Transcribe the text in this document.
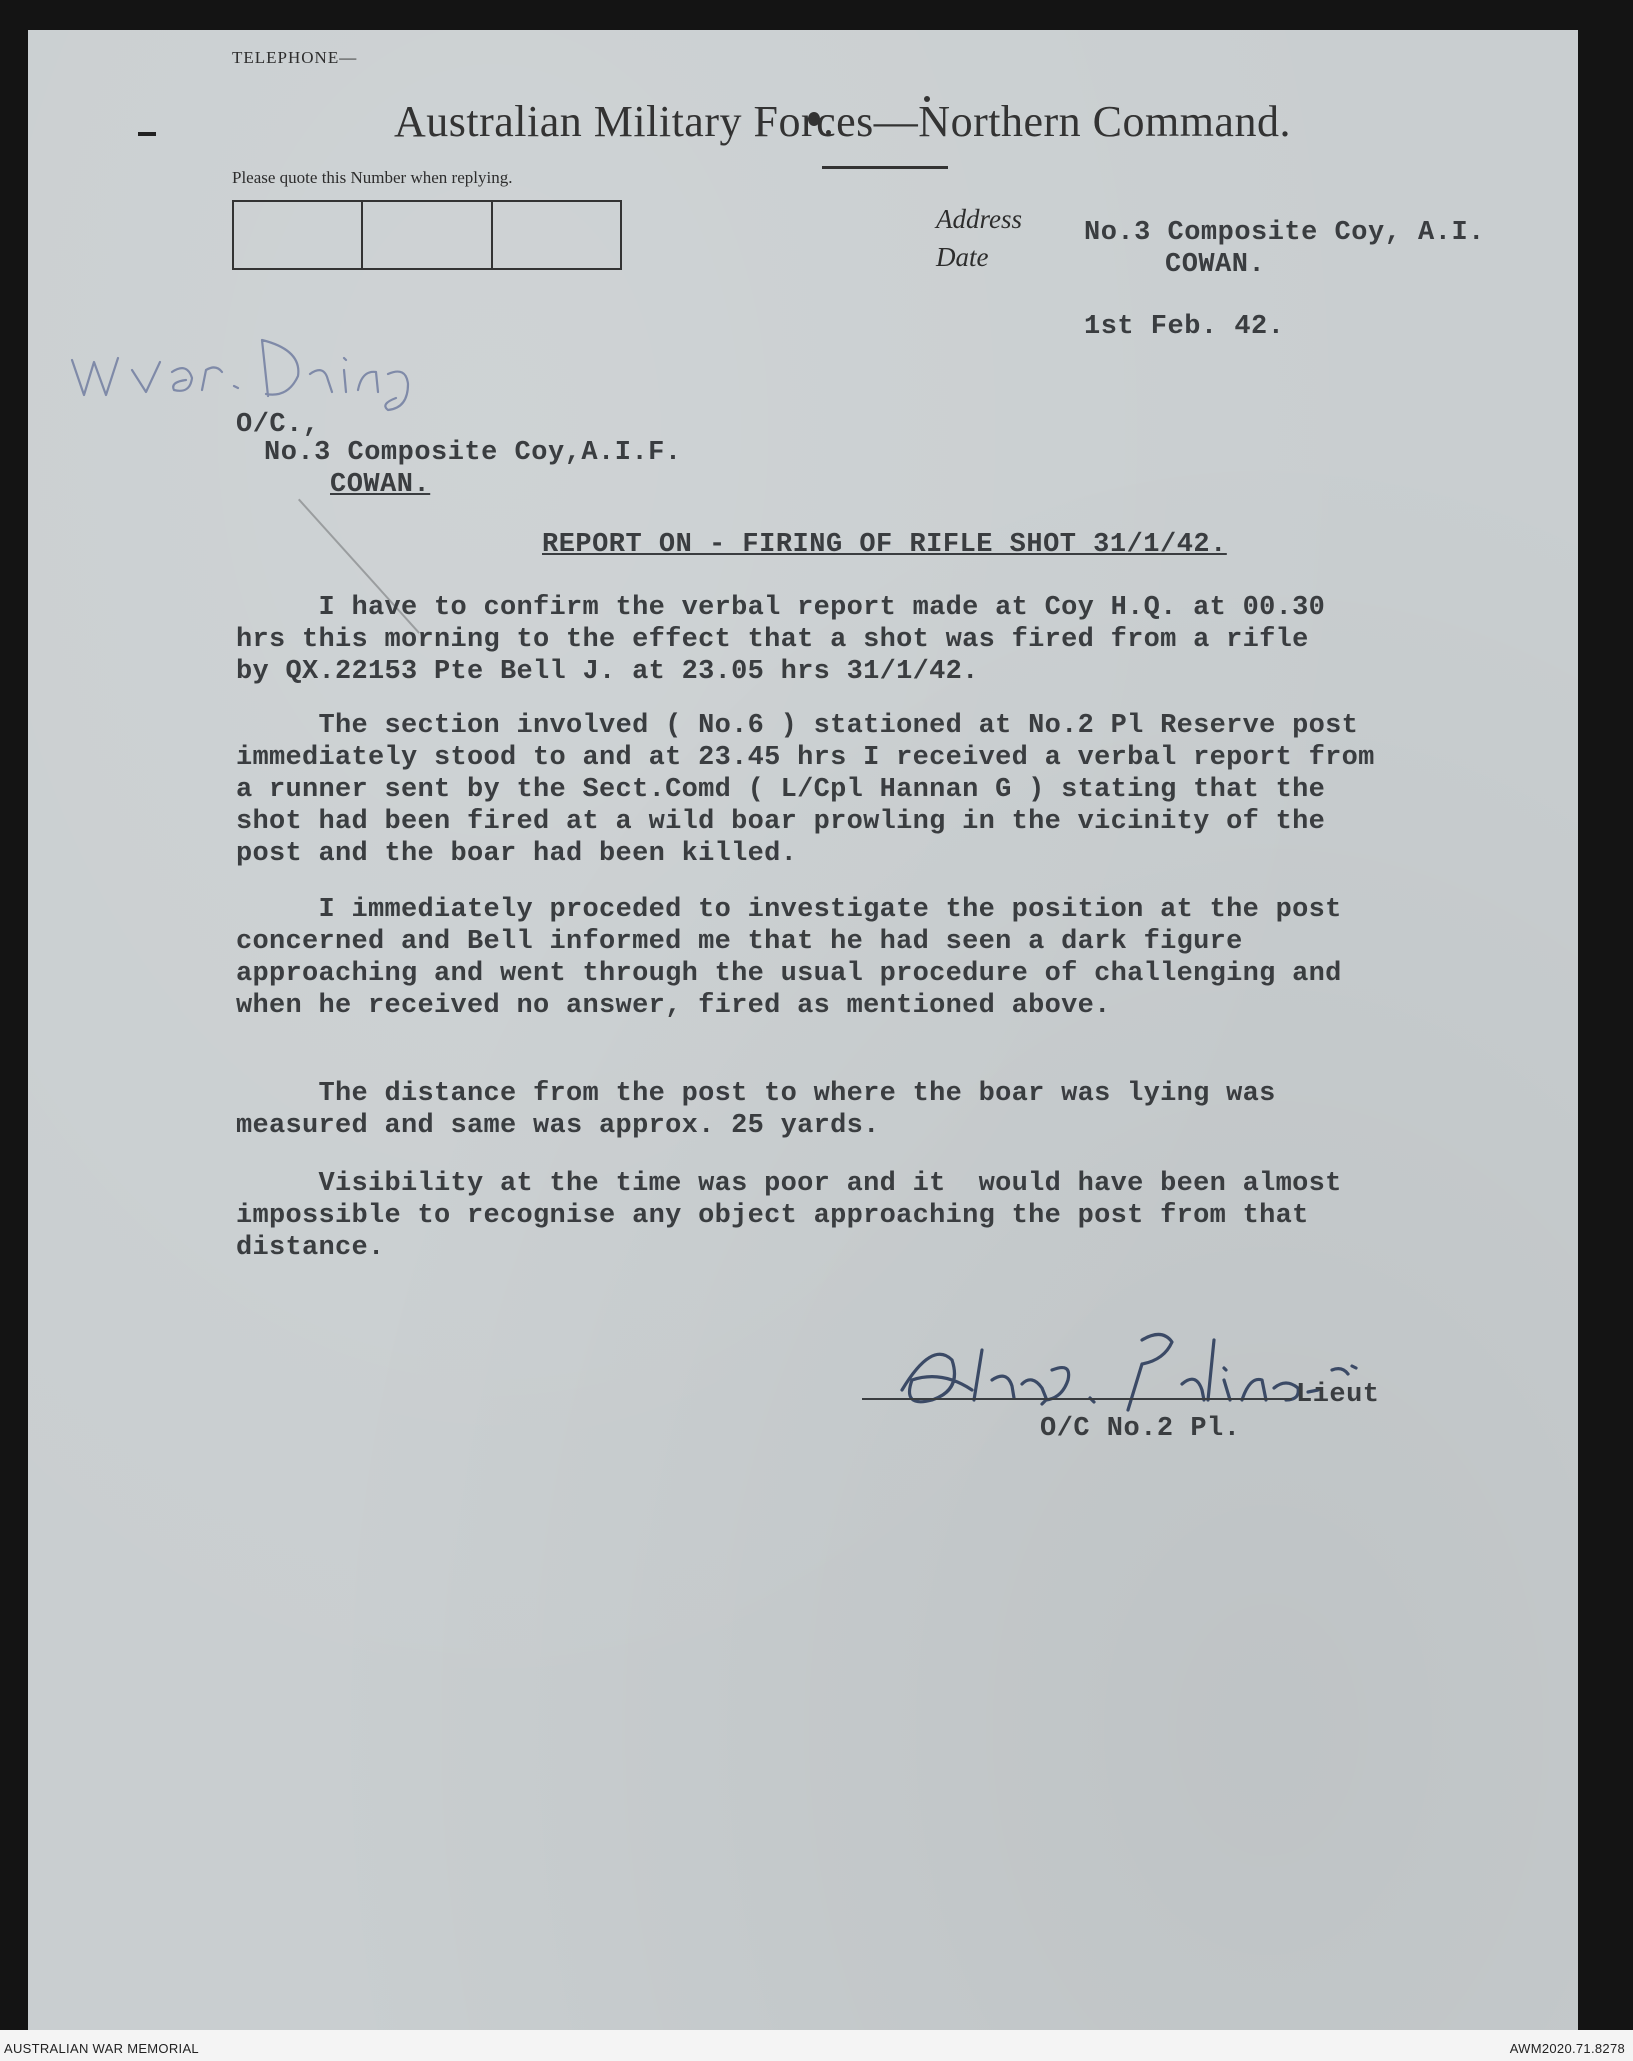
TELEPHONE—
Australian Military Forces—Northern Command.
Please quote this Number when replying.
Address
Date
No.3 Composite Coy, A.I.
COWAN.
1st Feb. 42.
O/C.,
No.3 Composite Coy,A.I.F.
COWAN.
REPORT ON - FIRING OF RIFLE SHOT 31/1/42.
I have to confirm the verbal report made at Coy H.Q. at 00.30
hrs this morning to the effect that a shot was fired from a rifle
by QX.22153 Pte Bell J. at 23.05 hrs 31/1/42.
The section involved ( No.6 ) stationed at No.2 Pl Reserve post
immediately stood to and at 23.45 hrs I received a verbal report from
a runner sent by the Sect.Comd ( L/Cpl Hannan G ) stating that the
shot had been fired at a wild boar prowling in the vicinity of the
post and the boar had been killed.
I immediately proceded to investigate the position at the post
concerned and Bell informed me that he had seen a dark figure
approaching and went through the usual procedure of challenging and
when he received no answer, fired as mentioned above.
The distance from the post to where the boar was lying was
measured and same was approx. 25 yards.
Visibility at the time was poor and it  would have been almost
impossible to recognise any object approaching the post from that
distance.
Lieut
O/C No.2 Pl.
AUSTRALIAN WAR MEMORIAL	AWM2020.71.8278
